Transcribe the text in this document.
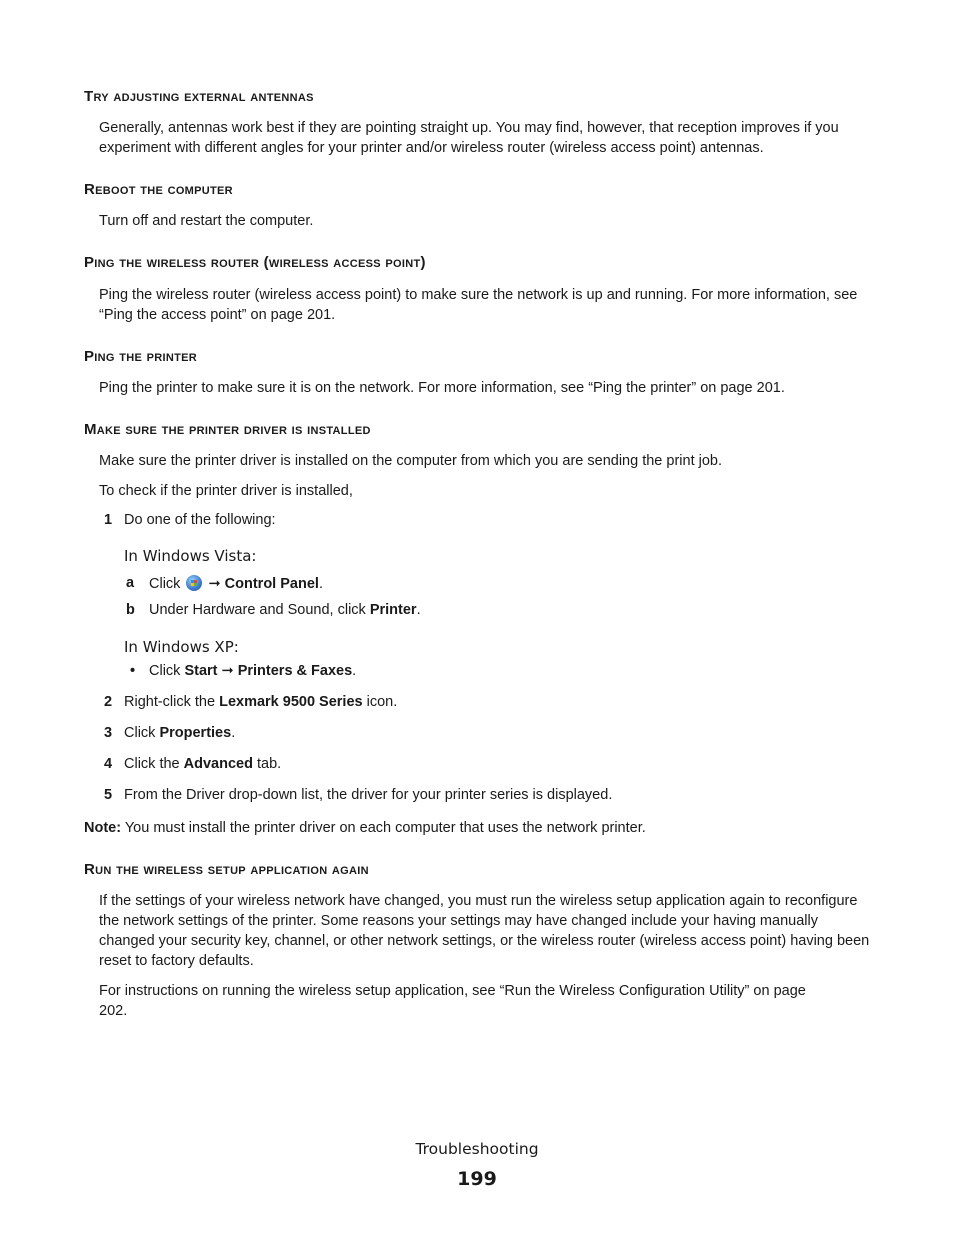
Try adjusting external antennas
Generally, antennas work best if they are pointing straight up. You may find, however, that reception improves if you experiment with different angles for your printer and/or wireless router (wireless access point) antennas.
Reboot the computer
Turn off and restart the computer.
Ping the wireless router (wireless access point)
Ping the wireless router (wireless access point) to make sure the network is up and running. For more information, see “Ping the access point” on page 201.
Ping the printer
Ping the printer to make sure it is on the network. For more information, see “Ping the printer” on page 201.
Make sure the printer driver is installed
Make sure the printer driver is installed on the computer from which you are sending the print job.
To check if the printer driver is installed,
1 Do one of the following:
In Windows Vista:
a Click ➞ Control Panel.
b Under Hardware and Sound, click Printer.
In Windows XP:
• Click Start ➞ Printers & Faxes.
2 Right-click the Lexmark 9500 Series icon.
3 Click Properties.
4 Click the Advanced tab.
5 From the Driver drop-down list, the driver for your printer series is displayed.
Note: You must install the printer driver on each computer that uses the network printer.
Run the wireless setup application again
If the settings of your wireless network have changed, you must run the wireless setup application again to reconfigure the network settings of the printer. Some reasons your settings may have changed include your having manually changed your security key, channel, or other network settings, or the wireless router (wireless access point) having been reset to factory defaults.
For instructions on running the wireless setup application, see “Run the Wireless Configuration Utility” on page 202.
Troubleshooting
199
